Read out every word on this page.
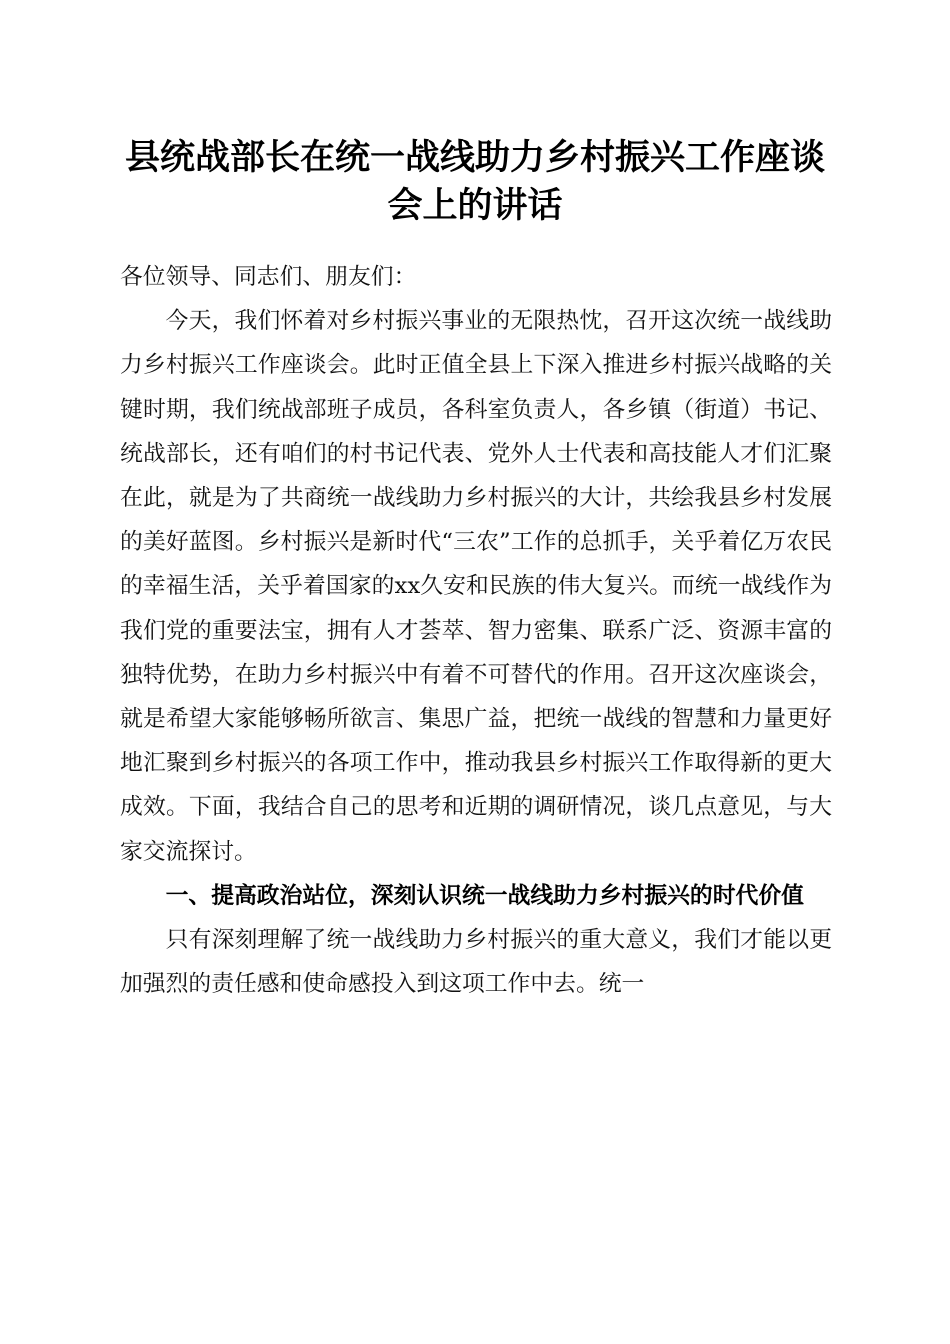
县统战部长在统一战线助力乡村振兴工作座谈会上的讲话

各位领导、同志们、朋友们：

今天，我们怀着对乡村振兴事业的无限热忱，召开这次统一战线助力乡村振兴工作座谈会。此时正值全县上下深入推进乡村振兴战略的关键时期，我们统战部班子成员，各科室负责人，各乡镇（街道）书记、统战部长，还有咱们的村书记代表、党外人士代表和高技能人才们汇聚在此，就是为了共商统一战线助力乡村振兴的大计，共绘我县乡村发展的美好蓝图。乡村振兴是新时代“三农”工作的总抓手，关乎着亿万农民的幸福生活，关乎着国家的xx久安和民族的伟大复兴。而统一战线作为我们党的重要法宝，拥有人才荟萃、智力密集、联系广泛、资源丰富的独特优势，在助力乡村振兴中有着不可替代的作用。召开这次座谈会，就是希望大家能够畅所欲言、集思广益，把统一战线的智慧和力量更好地汇聚到乡村振兴的各项工作中，推动我县乡村振兴工作取得新的更大成效。下面，我结合自己的思考和近期的调研情况，谈几点意见，与大家交流探讨。

一、提高政治站位，深刻认识统一战线助力乡村振兴的时代价值

只有深刻理解了统一战线助力乡村振兴的重大意义，我们才能以更加强烈的责任感和使命感投入到这项工作中去。统一
